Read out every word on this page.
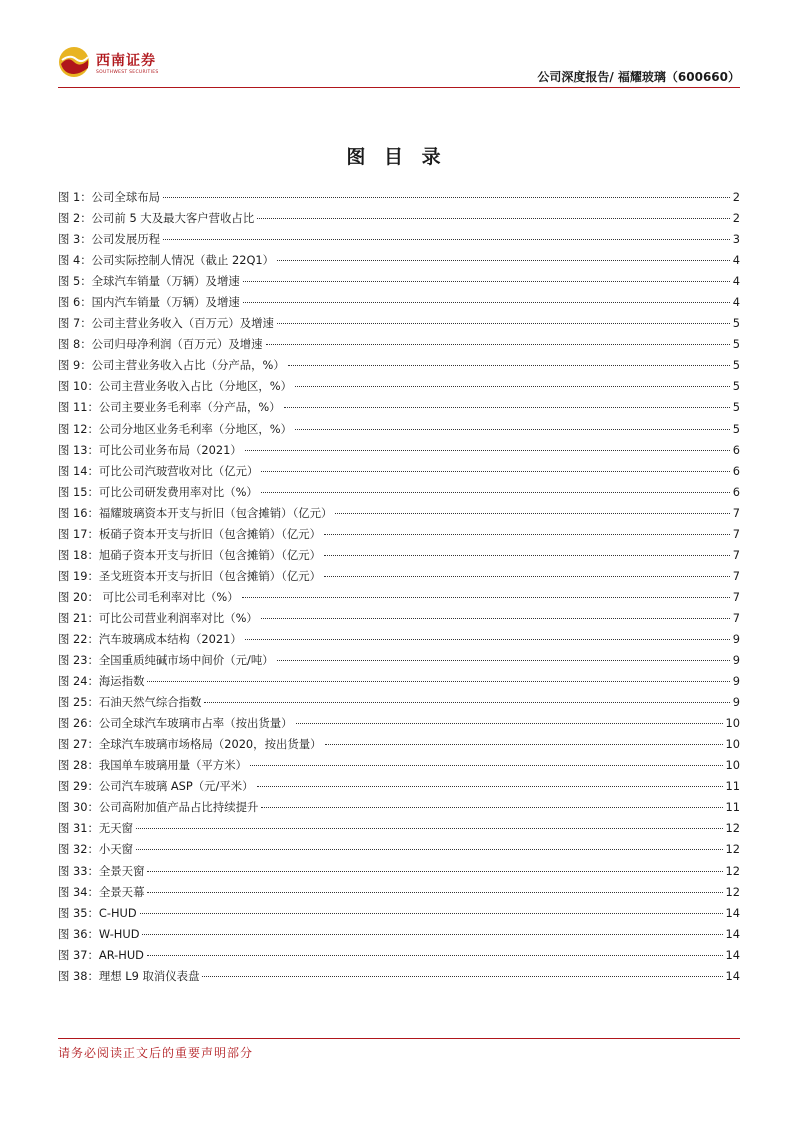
西南证券
SOUTHWEST SECURITIES	公司深度报告/ 福耀玻璃（600660）
图 目 录
图 1：公司全球布局	2
图 2：公司前 5 大及最大客户营收占比	2
图 3：公司发展历程	3
图 4：公司实际控制人情况（截止 22Q1）	4
图 5：全球汽车销量（万辆）及增速	4
图 6：国内汽车销量（万辆）及增速	4
图 7：公司主营业务收入（百万元）及增速	5
图 8：公司归母净利润（百万元）及增速	5
图 9：公司主营业务收入占比（分产品，%）	5
图 10：公司主营业务收入占比（分地区，%）	5
图 11：公司主要业务毛利率（分产品，%）	5
图 12：公司分地区业务毛利率（分地区，%）	5
图 13：可比公司业务布局（2021）	6
图 14：可比公司汽玻营收对比（亿元）	6
图 15：可比公司研发费用率对比（%）	6
图 16：福耀玻璃资本开支与折旧（包含摊销）（亿元）	7
图 17：板硝子资本开支与折旧（包含摊销）（亿元）	7
图 18：旭硝子资本开支与折旧（包含摊销）（亿元）	7
图 19：圣戈班资本开支与折旧（包含摊销）（亿元）	7
图 20： 可比公司毛利率对比（%）	7
图 21：可比公司营业利润率对比（%）	7
图 22：汽车玻璃成本结构（2021）	9
图 23：全国重质纯碱市场中间价（元/吨）	9
图 24：海运指数	9
图 25：石油天然气综合指数	9
图 26：公司全球汽车玻璃市占率（按出货量）	10
图 27：全球汽车玻璃市场格局（2020，按出货量）	10
图 28：我国单车玻璃用量（平方米）	10
图 29：公司汽车玻璃 ASP（元/平米）	11
图 30：公司高附加值产品占比持续提升	11
图 31：无天窗	12
图 32：小天窗	12
图 33：全景天窗	12
图 34：全景天幕	12
图 35：C-HUD	14
图 36：W-HUD	14
图 37：AR-HUD	14
图 38：理想 L9 取消仪表盘	14
请务必阅读正文后的重要声明部分
